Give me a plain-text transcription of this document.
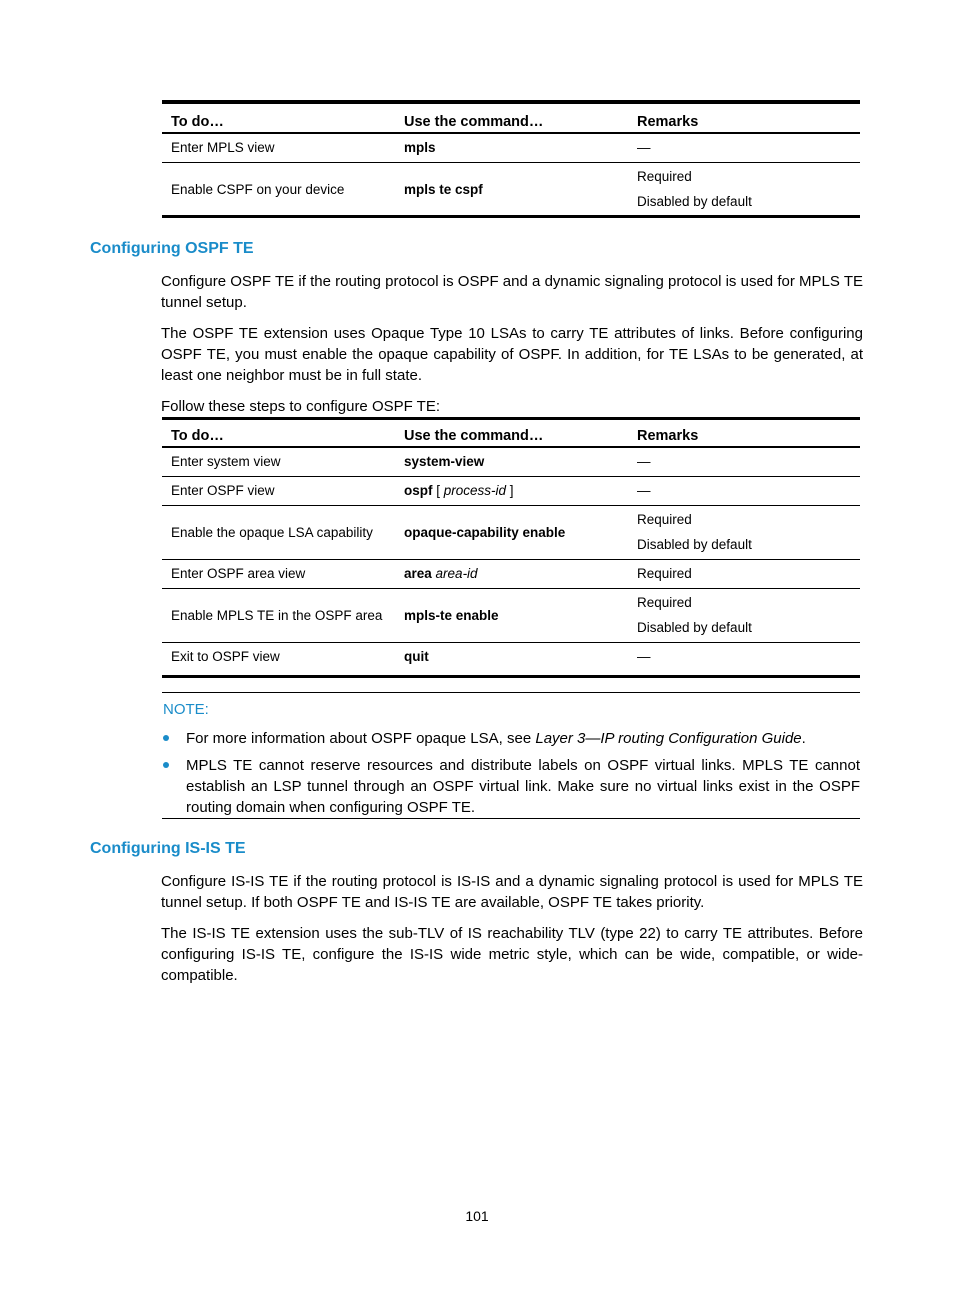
To do…	Use the command…	Remarks
Enter MPLS view	mpls	—
Enable CSPF on your device	mpls te cspf	Required
Disabled by default
Configuring OSPF TE

Configure OSPF TE if the routing protocol is OSPF and a dynamic signaling protocol is used for MPLS TE tunnel setup.

The OSPF TE extension uses Opaque Type 10 LSAs to carry TE attributes of links. Before configuring OSPF TE, you must enable the opaque capability of OSPF. In addition, for TE LSAs to be generated, at least one neighbor must be in full state.

Follow these steps to configure OSPF TE:

To do…	Use the command…	Remarks
Enter system view	system-view	—
Enter OSPF view	ospf [ process-id ]	—
Enable the opaque LSA capability	opaque-capability enable	Required
Disabled by default

Enter OSPF area view	area area-id	Required
Enable MPLS TE in the OSPF area	mpls-te enable	Required
Disabled by default

Exit to OSPF view	quit	—
NOTE:
For more information about OSPF opaque LSA, see Layer 3—IP routing Configuration Guide.
MPLS TE cannot reserve resources and distribute labels on OSPF virtual links. MPLS TE cannot establish an LSP tunnel through an OSPF virtual link. Make sure no virtual links exist in the OSPF routing domain when configuring OSPF TE.
Configuring IS-IS TE

Configure IS-IS TE if the routing protocol is IS-IS and a dynamic signaling protocol is used for MPLS TE tunnel setup. If both OSPF TE and IS-IS TE are available, OSPF TE takes priority.

The IS-IS TE extension uses the sub-TLV of IS reachability TLV (type 22) to carry TE attributes. Before configuring IS-IS TE, configure the IS-IS wide metric style, which can be wide, compatible, or wide-compatible.

101
